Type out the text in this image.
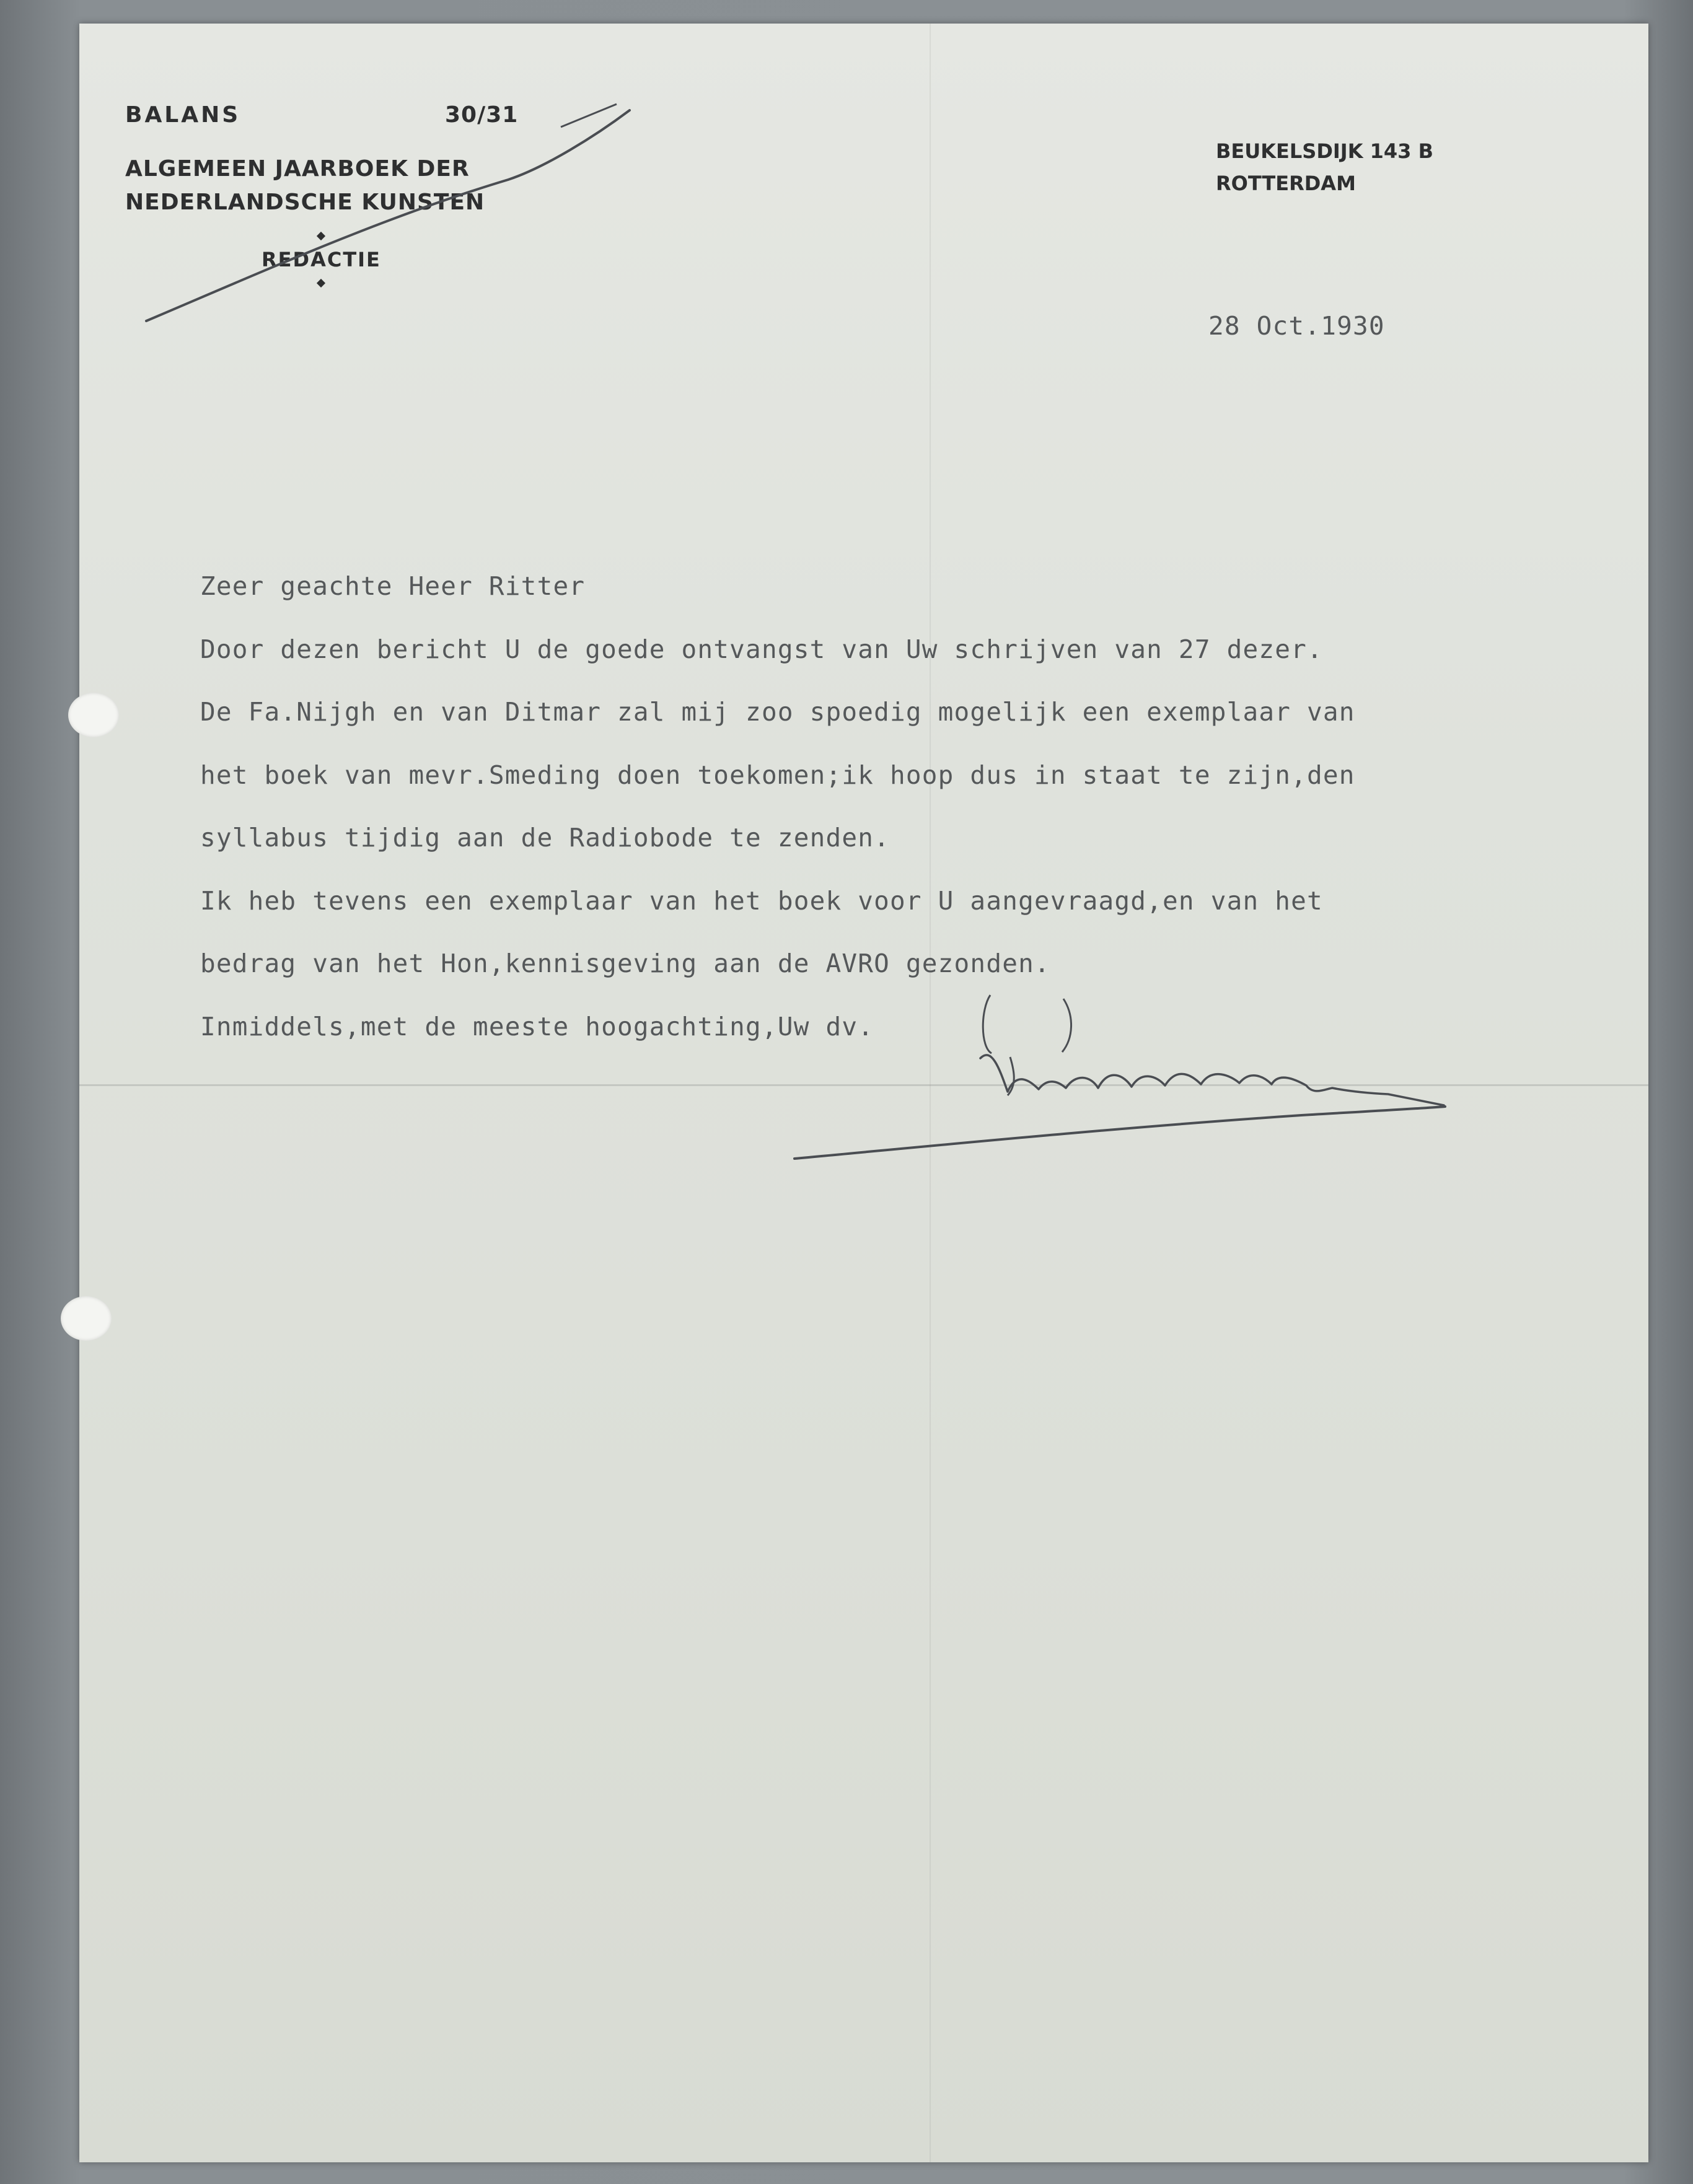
BALANS	30/31
ALGEMEEN JAARBOEK DER
NEDERLANDSCHE KUNSTEN
REDACTIE
BEUKELSDIJK 143 B
ROTTERDAM
28 Oct.1930
Zeer geachte Heer Ritter
Door dezen bericht U de goede ontvangst van Uw schrijven van 27 dezer.
De Fa.Nijgh en van Ditmar zal mij zoo spoedig mogelijk een exemplaar van
het boek van mevr.Smeding doen toekomen;ik hoop dus in staat te zijn,den
syllabus tijdig aan de Radiobode te zenden.
Ik heb tevens een exemplaar van het boek voor U aangevraagd,en van het
bedrag van het Hon,kennisgeving aan de AVRO gezonden.
Inmiddels,met de meeste hoogachting,Uw dv.
